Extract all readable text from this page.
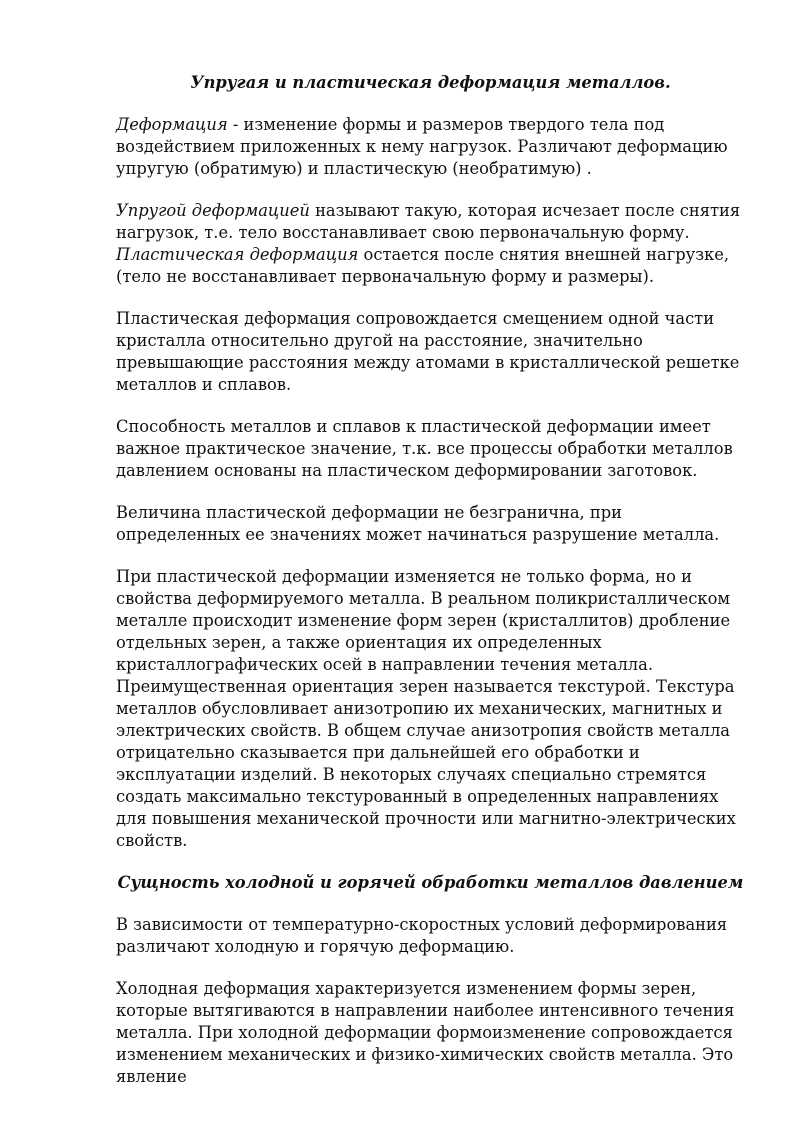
Упругая и пластическая деформация металлов.

Деформация - изменение формы и размеров твердого тела под воздействием приложенных к нему нагрузок. Различают деформацию упругую (обратимую) и пластическую (необратимую) .

Упругой деформацией называют такую, которая исчезает после снятия нагрузок, т.е. тело восстанавливает свою первоначальную форму. Пластическая деформация остается после снятия внешней нагрузке, (тело не восстанавливает первоначальную форму и размеры).

Пластическая деформация сопровождается смещением одной части кристалла относительно другой на расстояние, значительно превышающие расстояния между атомами в кристаллической решетке металлов и сплавов.

Способность металлов и сплавов к пластической деформации имеет важное практическое значение, т.к. все процессы обработки металлов давлением основаны на пластическом деформировании заготовок.

Величина пластической деформации не безгранична, при определенных ее значениях может начинаться разрушение металла.

При пластической деформации изменяется не только форма, но и свойства деформируемого металла. В реальном поликристаллическом металле происходит изменение форм зерен (кристаллитов) дробление отдельных зерен, а также ориентация их определенных кристаллографических осей в направлении течения металла. Преимущественная ориентация зерен называется текстурой. Текстура металлов обусловливает анизотропию их механических, магнитных и электрических свойств. В общем случае анизотропия свойств металла отрицательно сказывается при дальнейшей его обработки и эксплуатации изделий. В некоторых случаях специально стремятся создать максимально текстурованный в определенных направлениях для повышения механической прочности или магнитно-электрических свойств.

Сущность холодной и горячей обработки металлов давлением

В зависимости от температурно-скоростных условий деформирования различают холодную и горячую деформацию.

Холодная деформация характеризуется изменением формы зерен, которые вытягиваются в направлении наиболее интенсивного течения металла. При холодной деформации формоизменение сопровождается изменением механических и физико-химических свойств металла. Это явление
